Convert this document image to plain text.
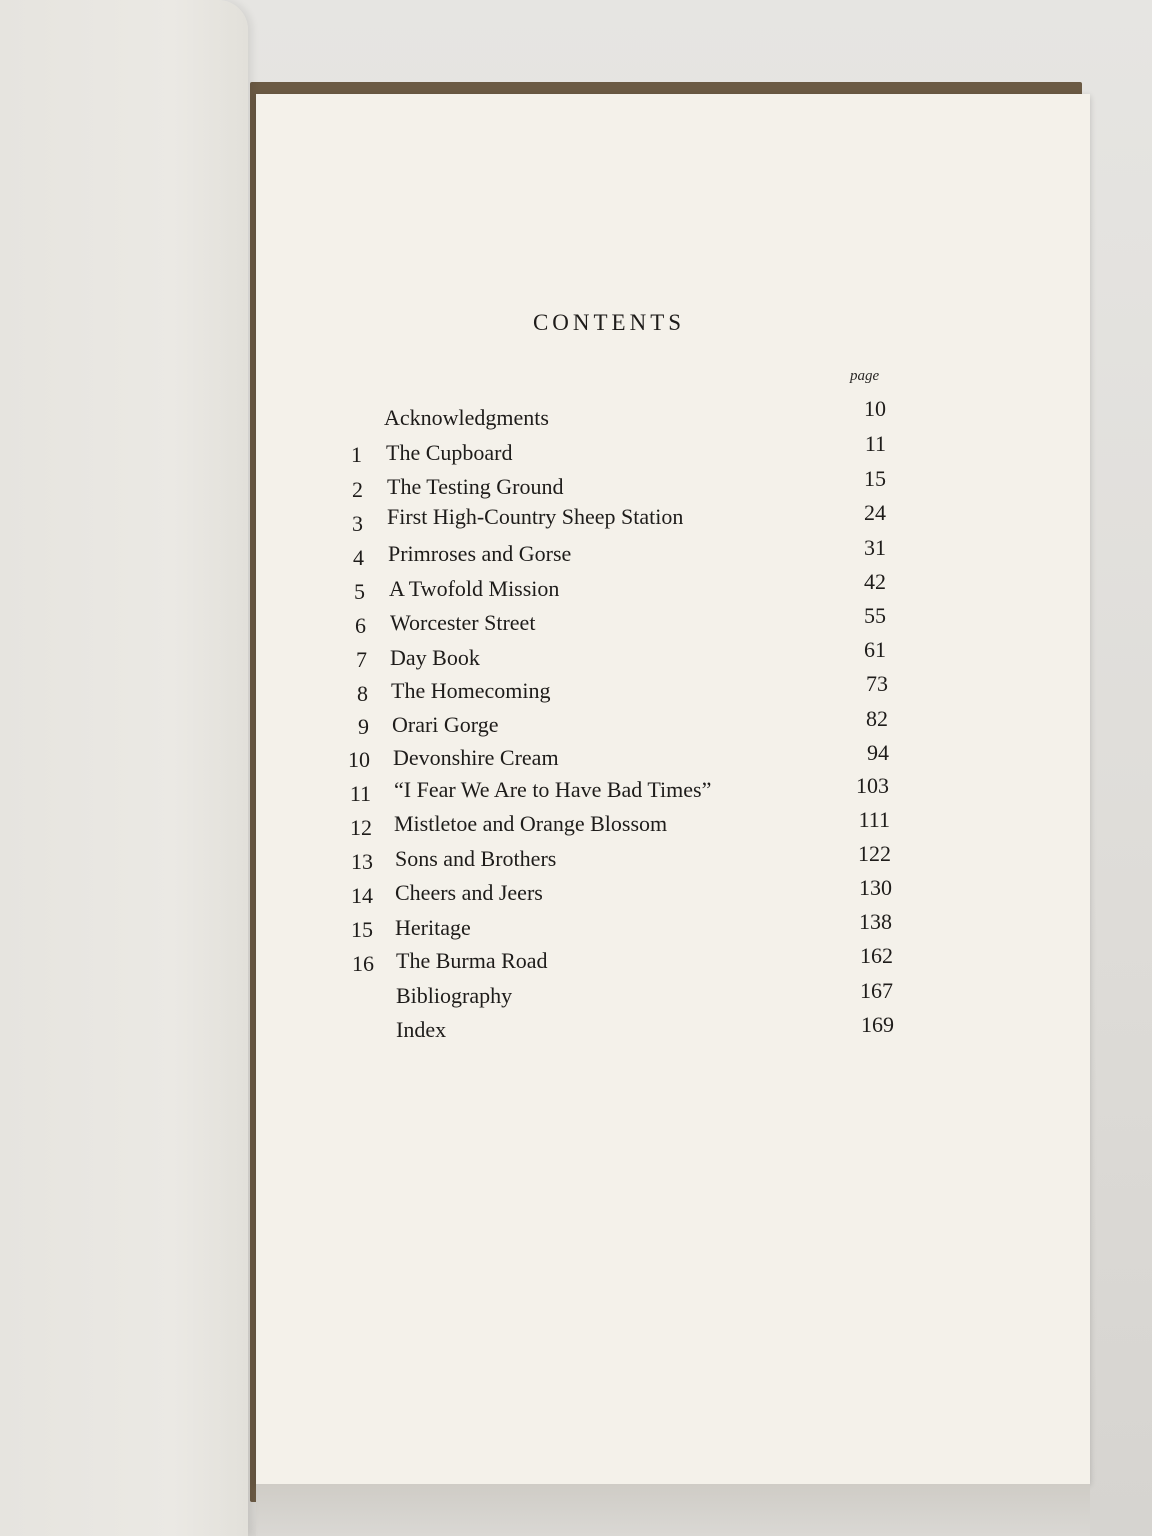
CONTENTS
page
Acknowledgments	10
1 The Cupboard	11
2 The Testing Ground	15
3 First High-Country Sheep Station	24
4 Primroses and Gorse	31
5 A Twofold Mission	42
6 Worcester Street	55
7 Day Book	61
8 The Homecoming	73
9 Orari Gorge	82
10 Devonshire Cream	94
11 “I Fear We Are to Have Bad Times”	103
12 Mistletoe and Orange Blossom	111
13 Sons and Brothers	122
14 Cheers and Jeers	130
15 Heritage	138
16 The Burma Road	162
Bibliography	167
Index	169
